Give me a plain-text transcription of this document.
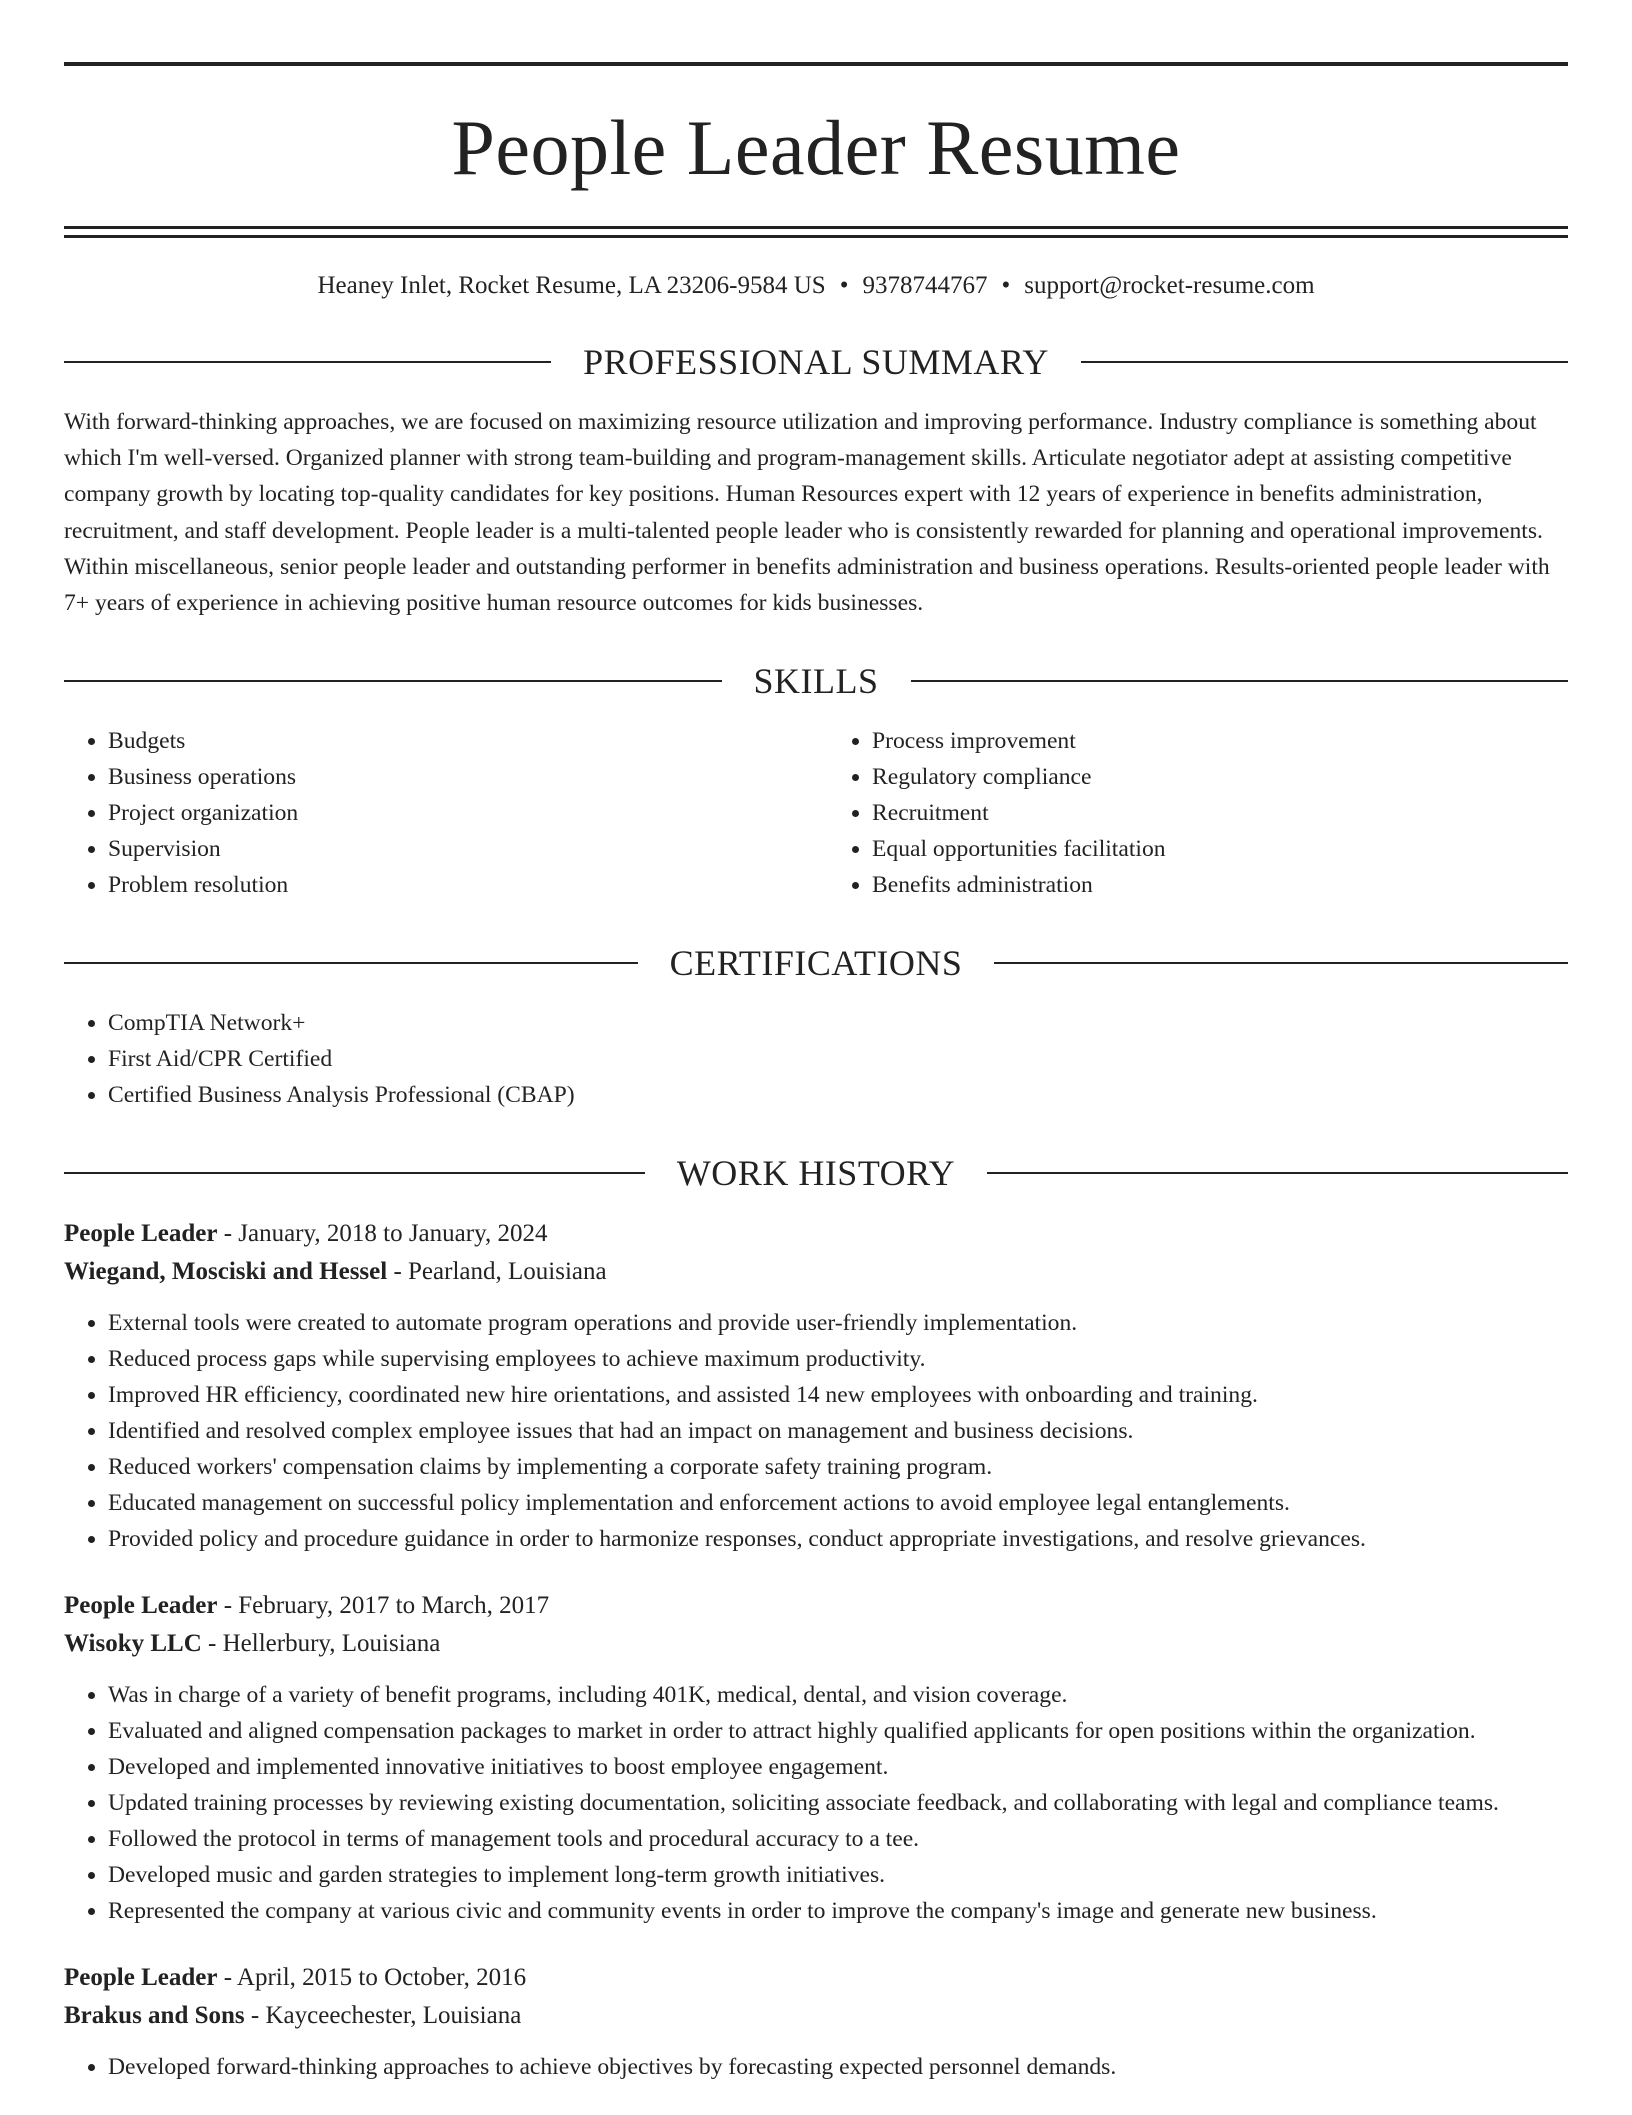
People Leader Resume
Heaney Inlet, Rocket Resume, LA 23206-9584 US • 9378744767 • support@rocket-resume.com
PROFESSIONAL SUMMARY

With forward-thinking approaches, we are focused on maximizing resource utilization and improving performance. Industry compliance is something about which I'm well-versed. Organized planner with strong team-building and program-management skills. Articulate negotiator adept at assisting competitive company growth by locating top-quality candidates for key positions. Human Resources expert with 12 years of experience in benefits administration, recruitment, and staff development. People leader is a multi-talented people leader who is consistently rewarded for planning and operational improvements. Within miscellaneous, senior people leader and outstanding performer in benefits administration and business operations. Results-oriented people leader with 7+ years of experience in achieving positive human resource outcomes for kids businesses.

SKILLS
• Budgets
• Business operations
• Project organization
• Supervision
• Problem resolution
• Process improvement
• Regulatory compliance
• Recruitment
• Equal opportunities facilitation
• Benefits administration
CERTIFICATIONS
• CompTIA Network+
• First Aid/CPR Certified
• Certified Business Analysis Professional (CBAP)
WORK HISTORY
People Leader - January, 2018 to January, 2024
Wiegand, Mosciski and Hessel - Pearland, Louisiana
• External tools were created to automate program operations and provide user-friendly implementation.
• Reduced process gaps while supervising employees to achieve maximum productivity.
• Improved HR efficiency, coordinated new hire orientations, and assisted 14 new employees with onboarding and training.
• Identified and resolved complex employee issues that had an impact on management and business decisions.
• Reduced workers' compensation claims by implementing a corporate safety training program.
• Educated management on successful policy implementation and enforcement actions to avoid employee legal entanglements.
• Provided policy and procedure guidance in order to harmonize responses, conduct appropriate investigations, and resolve grievances.
People Leader - February, 2017 to March, 2017
Wisoky LLC - Hellerbury, Louisiana
• Was in charge of a variety of benefit programs, including 401K, medical, dental, and vision coverage.
• Evaluated and aligned compensation packages to market in order to attract highly qualified applicants for open positions within the organization.
• Developed and implemented innovative initiatives to boost employee engagement.
• Updated training processes by reviewing existing documentation, soliciting associate feedback, and collaborating with legal and compliance teams.
• Followed the protocol in terms of management tools and procedural accuracy to a tee.
• Developed music and garden strategies to implement long-term growth initiatives.
• Represented the company at various civic and community events in order to improve the company's image and generate new business.
People Leader - April, 2015 to October, 2016
Brakus and Sons - Kayceechester, Louisiana
• Developed forward-thinking approaches to achieve objectives by forecasting expected personnel demands.
